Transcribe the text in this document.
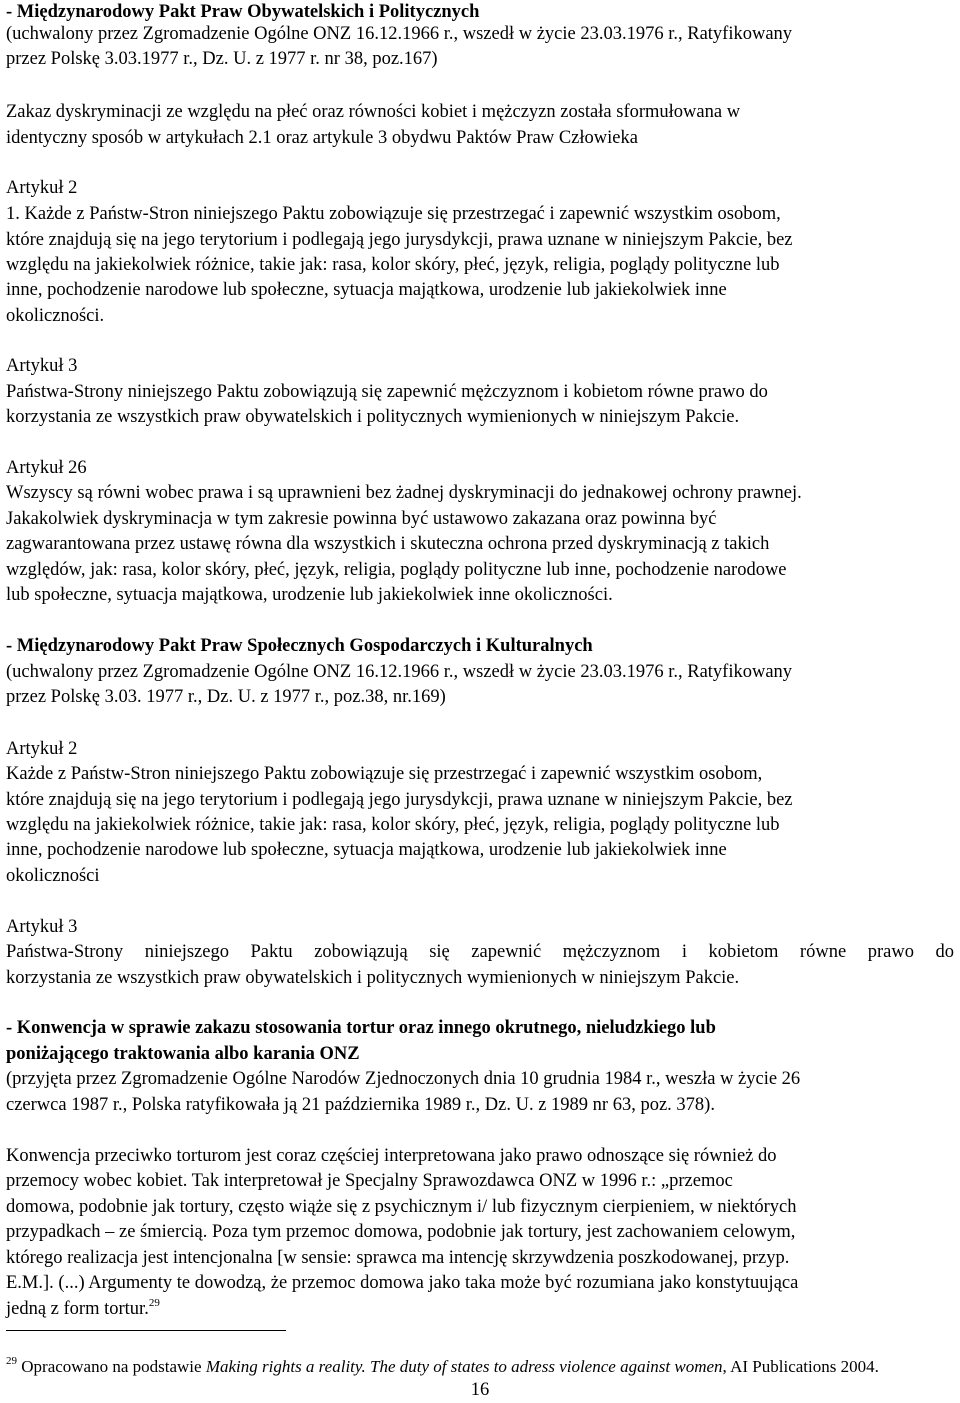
- Międzynarodowy Pakt Praw Obywatelskich i Politycznych
(uchwalony przez Zgromadzenie Ogólne ONZ 16.12.1966 r., wszedł w życie 23.03.1976 r., Ratyfikowany
przez Polskę 3.03.1977 r., Dz. U. z 1977 r. nr 38, poz.167)
Zakaz dyskryminacji ze względu na płeć oraz równości kobiet i mężczyzn została sformułowana w
identyczny sposób w artykułach 2.1 oraz artykule 3 obydwu Paktów Praw Człowieka
Artykuł 2
1. Każde z Państw-Stron niniejszego Paktu zobowiązuje się przestrzegać i zapewnić wszystkim osobom,
które znajdują się na jego terytorium i podlegają jego jurysdykcji, prawa uznane w niniejszym Pakcie, bez
względu na jakiekolwiek różnice, takie jak: rasa, kolor skóry, płeć, język, religia, poglądy polityczne lub
inne, pochodzenie narodowe lub społeczne, sytuacja majątkowa, urodzenie lub jakiekolwiek inne
okoliczności.
Artykuł 3
Państwa-Strony niniejszego Paktu zobowiązują się zapewnić mężczyznom i kobietom równe prawo do
korzystania ze wszystkich praw obywatelskich i politycznych wymienionych w niniejszym Pakcie.
Artykuł 26
Wszyscy są równi wobec prawa i są uprawnieni bez żadnej dyskryminacji do jednakowej ochrony prawnej.
Jakakolwiek dyskryminacja w tym zakresie powinna być ustawowo zakazana oraz powinna być
zagwarantowana przez ustawę równa dla wszystkich i skuteczna ochrona przed dyskryminacją z takich
względów, jak: rasa, kolor skóry, płeć, język, religia, poglądy polityczne lub inne, pochodzenie narodowe
lub społeczne, sytuacja majątkowa, urodzenie lub jakiekolwiek inne okoliczności.
- Międzynarodowy Pakt Praw Społecznych Gospodarczych i Kulturalnych
(uchwalony przez Zgromadzenie Ogólne ONZ 16.12.1966 r., wszedł w życie 23.03.1976 r., Ratyfikowany
przez Polskę 3.03. 1977 r., Dz. U. z 1977 r., poz.38, nr.169)
Artykuł 2
Każde z Państw-Stron niniejszego Paktu zobowiązuje się przestrzegać i zapewnić wszystkim osobom,
które znajdują się na jego terytorium i podlegają jego jurysdykcji, prawa uznane w niniejszym Pakcie, bez
względu na jakiekolwiek różnice, takie jak: rasa, kolor skóry, płeć, język, religia, poglądy polityczne lub
inne, pochodzenie narodowe lub społeczne, sytuacja majątkowa, urodzenie lub jakiekolwiek inne
okoliczności
Artykuł 3
Państwa-Strony niniejszego Paktu zobowiązują się zapewnić mężczyznom i kobietom równe prawo do
korzystania ze wszystkich praw obywatelskich i politycznych wymienionych w niniejszym Pakcie.
- Konwencja w sprawie zakazu stosowania tortur oraz innego okrutnego, nieludzkiego lub
poniżającego traktowania albo karania ONZ
(przyjęta przez Zgromadzenie Ogólne Narodów Zjednoczonych dnia 10 grudnia 1984 r., weszła w życie 26
czerwca 1987 r., Polska ratyfikowała ją 21 października 1989 r., Dz. U. z 1989 nr 63, poz. 378).
Konwencja przeciwko torturom jest coraz częściej interpretowana jako prawo odnoszące się również do
przemocy wobec kobiet. Tak interpretował je Specjalny Sprawozdawca ONZ w 1996 r.: „przemoc
domowa, podobnie jak tortury, często wiąże się z psychicznym i/ lub fizycznym cierpieniem, w niektórych
przypadkach – ze śmiercią. Poza tym przemoc domowa, podobnie jak tortury, jest zachowaniem celowym,
którego realizacja jest intencjonalna [w sensie: sprawca ma intencję skrzywdzenia poszkodowanej, przyp.
E.M.]. (...) Argumenty te dowodzą, że przemoc domowa jako taka może być rozumiana jako konstytuująca
jedną z form tortur.$^{29}$
$^{29}$ Opracowano na podstawie Making rights a reality. The duty of states to adress violence against women, AI Publications 2004.
16
